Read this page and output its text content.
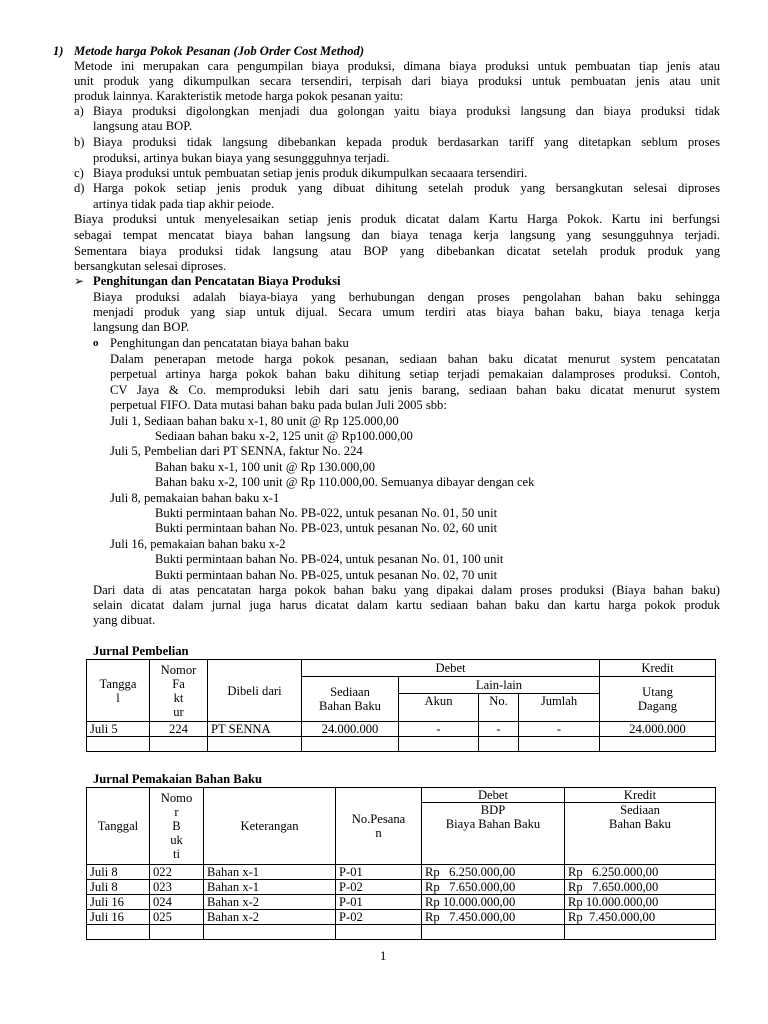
1) Metode harga Pokok Pesanan (Job Order Cost Method)
Metode ini merupakan cara pengumpilan biaya produksi, dimana biaya produksi untuk pembuatan tiap jenis atau
unit produk yang dikumpulkan secara tersendiri, terpisah dari biaya produksi untuk pembuatan jenis atau unit
produk lainnya. Karakteristik metode harga pokok pesanan yaitu:
a) Biaya produksi digolongkan menjadi dua golongan yaitu biaya produksi langsung dan biaya produksi tidak
langsung atau BOP.
b) Biaya produksi tidak langsung dibebankan kepada produk berdasarkan tariff yang ditetapkan seblum proses
produksi, artinya bukan biaya yang sesunggguhnya terjadi.
c) Biaya produksi untuk pembuatan setiap jenis produk dikumpulkan secaaara tersendiri.
d) Harga pokok setiap jenis produk yang dibuat dihitung setelah produk yang bersangkutan selesai diproses
artinya tidak pada tiap akhir peiode.
Biaya produksi untuk menyelesaikan setiap jenis produk dicatat dalam Kartu Harga Pokok. Kartu ini berfungsi
sebagai tempat mencatat biaya bahan langsung dan biaya tenaga kerja langsung yang sesungguhnya terjadi.
Sementara biaya produksi tidak langsung atau BOP yang dibebankan dicatat setelah produk produk yang
bersangkutan selesai diproses.
➢ Penghitungan dan Pencatatan Biaya Produksi
Biaya produksi adalah biaya-biaya yang berhubungan dengan proses pengolahan bahan baku sehingga
menjadi produk yang siap untuk dijual. Secara umum terdiri atas biaya bahan baku, biaya tenaga kerja
langsung dan BOP.
o Penghitungan dan pencatatan biaya bahan baku
Dalam penerapan metode harga pokok pesanan, sediaan bahan baku dicatat menurut system pencatatan
perpetual artinya harga pokok bahan baku dihitung setiap terjadi pemakaian dalamproses produksi. Contoh,
CV Jaya & Co. memproduksi lebih dari satu jenis barang, sediaan bahan baku dicatat menurut system
perpetual FIFO. Data mutasi bahan baku pada bulan Juli 2005 sbb:
Juli 1, Sediaan bahan baku x-1, 80 unit @ Rp 125.000,00
Sediaan bahan baku x-2, 125 unit @ Rp100.000,00
Juli 5, Pembelian dari PT SENNA, faktur No. 224
Bahan baku x-1, 100 unit @ Rp 130.000,00
Bahan baku x-2, 100 unit @ Rp 110.000,00. Semuanya dibayar dengan cek
Juli 8, pemakaian bahan baku x-1
Bukti permintaan bahan No. PB-022, untuk pesanan No. 01, 50 unit
Bukti permintaan bahan No. PB-023, untuk pesanan No. 02, 60 unit
Juli 16, pemakaian bahan baku x-2
Bukti permintaan bahan No. PB-024, untuk pesanan No. 01, 100 unit
Bukti permintaan bahan No. PB-025, untuk pesanan No. 02, 70 unit
Dari data di atas pencatatan harga pokok bahan baku yang dipakai dalam proses produksi (Biaya bahan baku)
selain dicatat dalam jurnal juga harus dicatat dalam kartu sediaan bahan baku dan kartu harga pokok produk
yang dibuat.
Jurnal Pembelian
Tangga
l	Nomor
Fa
kt
ur	Dibeli dari	Debet				Kredit

			Sediaan
Bahan Baku	Lain-lain			Utang
Dagang

				Akun	No.	Jumlah	
Juli 5	224	PT SENNA	24.000.000	-	-	-	24.000.000

Jurnal Pemakaian Bahan Baku
Tanggal	Nomo
r
B
uk
ti	Keterangan	No.Pesana
n	Debet	Kredit

				BDP
Biaya Bahan Baku	Sediaan
Bahan Baku

Juli 8	022	Bahan x-1	P-01	Rp   6.250.000,00	Rp   6.250.000,00
Juli 8	023	Bahan x-1	P-02	Rp   7.650.000,00	Rp   7.650.000,00
Juli 16	024	Bahan x-2	P-01	Rp 10.000.000,00	Rp 10.000.000,00
Juli 16	025	Bahan x-2	P-02	Rp   7.450.000,00	Rp  7.450.000,00

1
